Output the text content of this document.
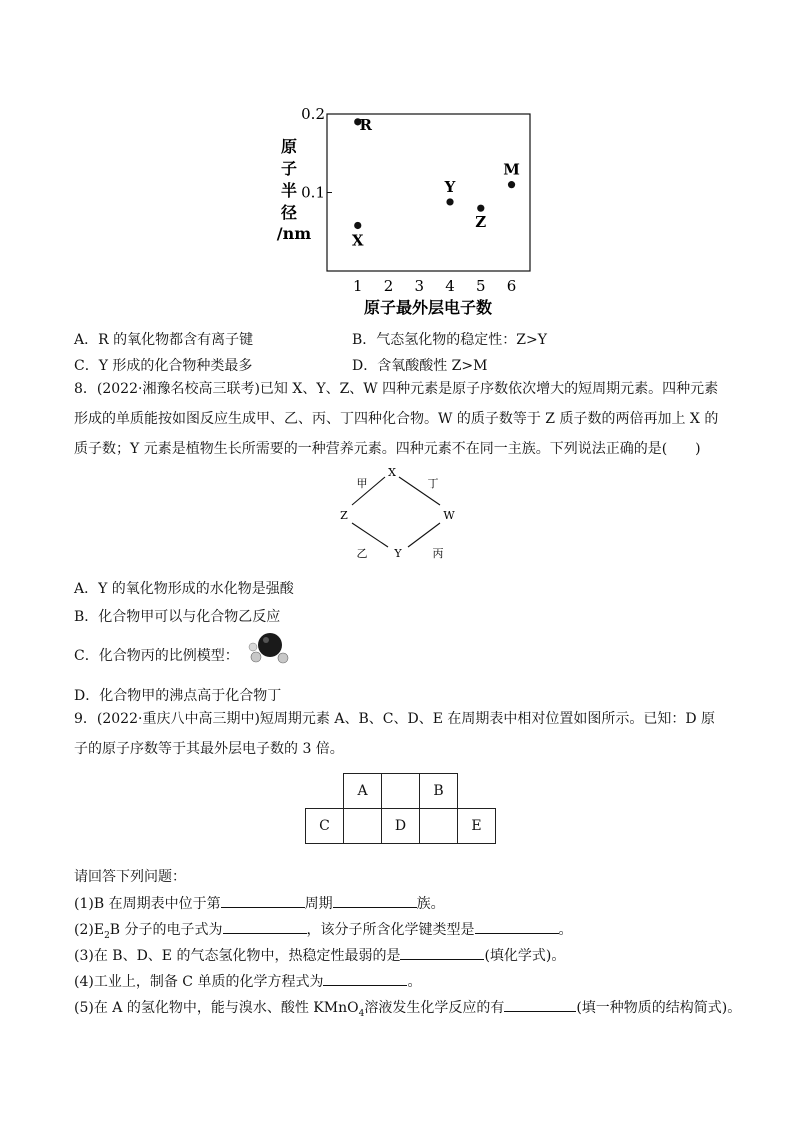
0.2
0.1
1 2 3 4 5 6
原
子
半
径
/nm
原子最外层电子数
R
X
Y
Z
M
A．R 的氧化物都含有离子键	B．气态氢化物的稳定性：Z>Y
C．Y 形成的化合物种类最多	D．含氧酸酸性 Z>M
8．(2022·湘豫名校高三联考)已知 X、Y、Z、W 四种元素是原子序数依次增大的短周期元素。四种元素形成的单质能按如图反应生成甲、乙、丙、丁四种化合物。W 的质子数等于 Z 质子数的两倍再加上 X 的质子数；Y 元素是植物生长所需要的一种营养元素。四种元素不在同一主族。下列说法正确的是(　　)
X
Z	W
Y
甲	丁
乙	丙
A．Y 的氧化物形成的水化物是强酸
B．化合物甲可以与化合物乙反应
C．化合物丙的比例模型：
D．化合物甲的沸点高于化合物丁
9．(2022·重庆八中高三期中)短周期元素 A、B、C、D、E 在周期表中相对位置如图所示。已知：D 原子的原子序数等于其最外层电子数的 3 倍。
	A		B	
C		D		E
请回答下列问题：
(1)B 在周期表中位于第	周期	族。
$(2)E_2B$ 分子的电子式为	，该分子所含化学键类型是	。
(3)在 B、D、E 的气态氢化物中，热稳定性最弱的是	(填化学式)。
(4)工业上，制备 C 单质的化学方程式为	。
(5)在 A 的氢化物中，能与溴水、酸性 KMnO$_4$溶液发生化学反应的有	(填一种物质的结构简式)。
